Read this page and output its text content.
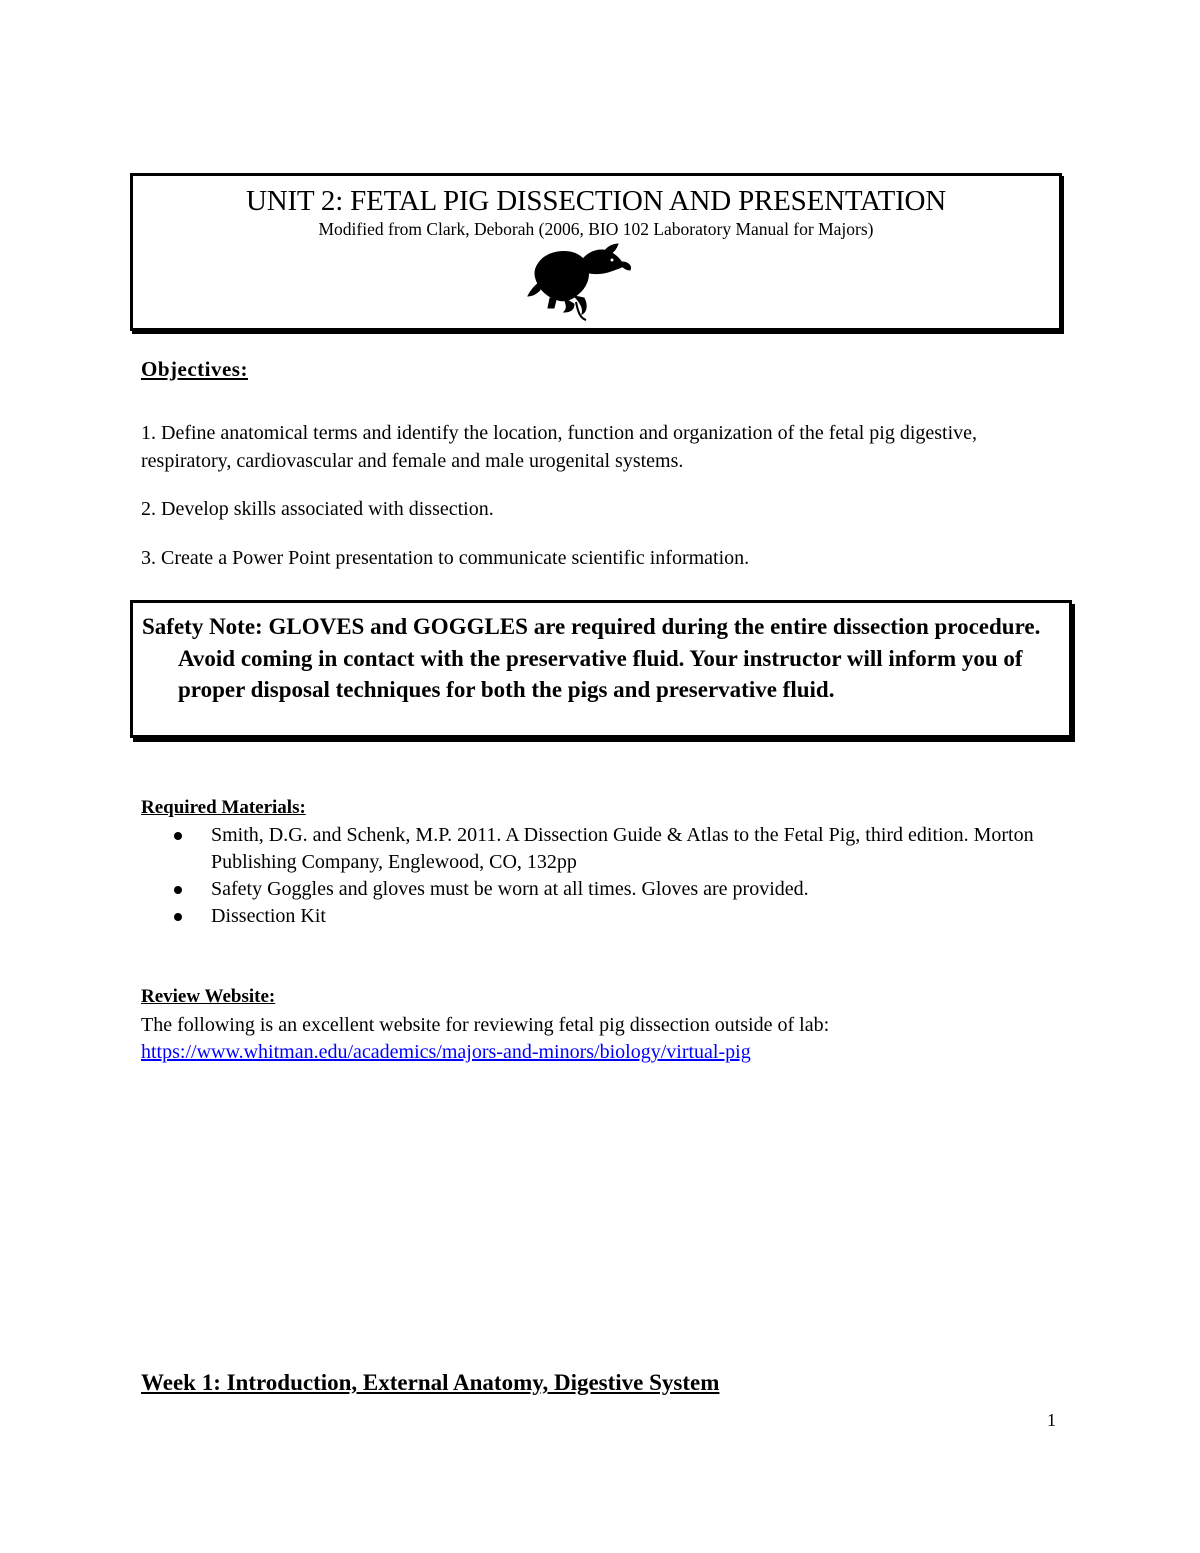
UNIT 2: FETAL PIG DISSECTION AND PRESENTATION
Modified from Clark, Deborah (2006, BIO 102 Laboratory Manual for Majors)
Objectives:
1. Define anatomical terms and identify the location, function and organization of the fetal pig digestive, respiratory, cardiovascular and female and male urogenital systems.
2. Develop skills associated with dissection.
3. Create a Power Point presentation to communicate scientific information.
Safety Note: GLOVES and GOGGLES are required during the entire dissection procedure. Avoid coming in contact with the preservative fluid. Your instructor will inform you of proper disposal techniques for both the pigs and preservative fluid.
Required Materials:
Smith, D.G. and Schenk, M.P. 2011. A Dissection Guide & Atlas to the Fetal Pig, third edition. Morton Publishing Company, Englewood, CO, 132pp
Safety Goggles and gloves must be worn at all times. Gloves are provided.
Dissection Kit
Review Website:
The following is an excellent website for reviewing fetal pig dissection outside of lab:
https://www.whitman.edu/academics/majors-and-minors/biology/virtual-pig
Week 1: Introduction, External Anatomy, Digestive System
1
